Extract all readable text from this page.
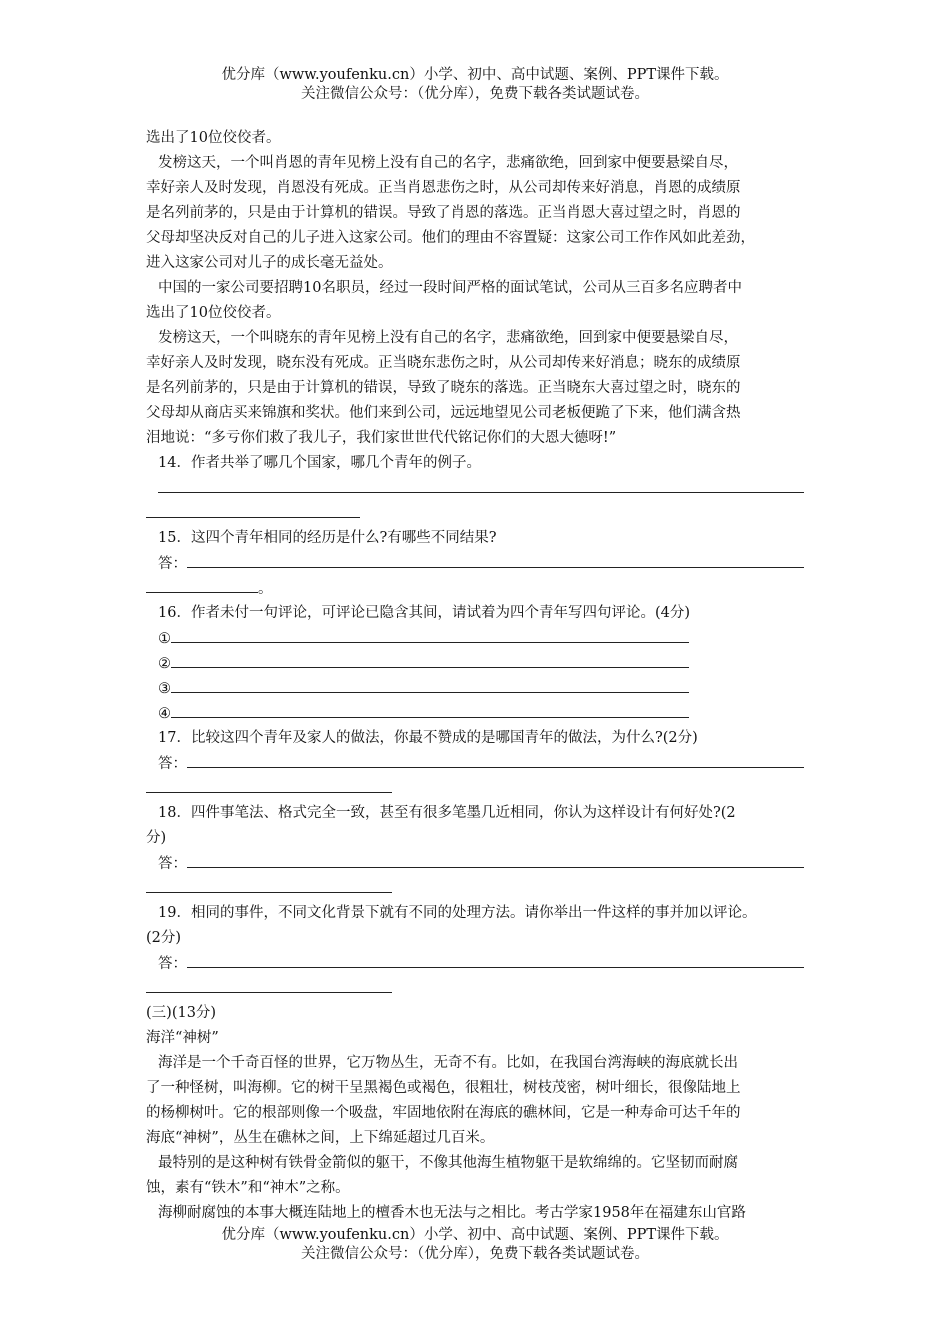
优分库（www.youfenku.cn）小学、初中、高中试题、案例、PPT课件下载。
关注微信公众号：（优分库），免费下载各类试题试卷。
选出了10位佼佼者。
发榜这天，一个叫肖恩的青年见榜上没有自己的名字，悲痛欲绝，回到家中便要悬梁自尽，
幸好亲人及时发现，肖恩没有死成。正当肖恩悲伤之时，从公司却传来好消息，肖恩的成绩原
是名列前茅的，只是由于计算机的错误。导致了肖恩的落选。正当肖恩大喜过望之时，肖恩的
父母却坚决反对自己的儿子进入这家公司。他们的理由不容置疑：这家公司工作作风如此差劲，
进入这家公司对儿子的成长毫无益处。
中国的一家公司要招聘10名职员，经过一段时间严格的面试笔试，公司从三百多名应聘者中
选出了10位佼佼者。
发榜这天，一个叫晓东的青年见榜上没有自己的名字，悲痛欲绝，回到家中便要悬梁自尽，
幸好亲人及时发现，晓东没有死成。正当晓东悲伤之时，从公司却传来好消息；晓东的成绩原
是名列前茅的，只是由于计算机的错误，导致了晓东的落选。正当晓东大喜过望之时，晓东的
父母却从商店买来锦旗和奖状。他们来到公司，远远地望见公司老板便跪了下来，他们满含热
泪地说：“多亏你们救了我儿子，我们家世世代代铭记你们的大恩大德呀!”
14．作者共举了哪几个国家，哪几个青年的例子。
15．这四个青年相同的经历是什么?有哪些不同结果?
答：
。
16．作者未付一句评论，可评论已隐含其间，请试着为四个青年写四句评论。(4分)
①
②
③
④
17．比较这四个青年及家人的做法，你最不赞成的是哪国青年的做法，为什么?(2分)
答：
18．四件事笔法、格式完全一致，甚至有很多笔墨几近相同，你认为这样设计有何好处?(2
分)
答：
19．相同的事件，不同文化背景下就有不同的处理方法。请你举出一件这样的事并加以评论。
(2分)
答：
(三)(13分)
海洋“神树”
海洋是一个千奇百怪的世界，它万物丛生，无奇不有。比如，在我国台湾海峡的海底就长出
了一种怪树，叫海柳。它的树干呈黑褐色或褐色，很粗壮，树枝茂密，树叶细长，很像陆地上
的杨柳树叶。它的根部则像一个吸盘，牢固地依附在海底的礁林间，它是一种寿命可达千年的
海底“神树”，丛生在礁林之间，上下绵延超过几百米。
最特别的是这种树有铁骨金箭似的躯干，不像其他海生植物躯干是软绵绵的。它坚韧而耐腐
蚀，素有“铁木”和“神木”之称。
海柳耐腐蚀的本事大概连陆地上的檀香木也无法与之相比。考古学家1958年在福建东山官路
优分库（www.youfenku.cn）小学、初中、高中试题、案例、PPT课件下载。
关注微信公众号：（优分库），免费下载各类试题试卷。
